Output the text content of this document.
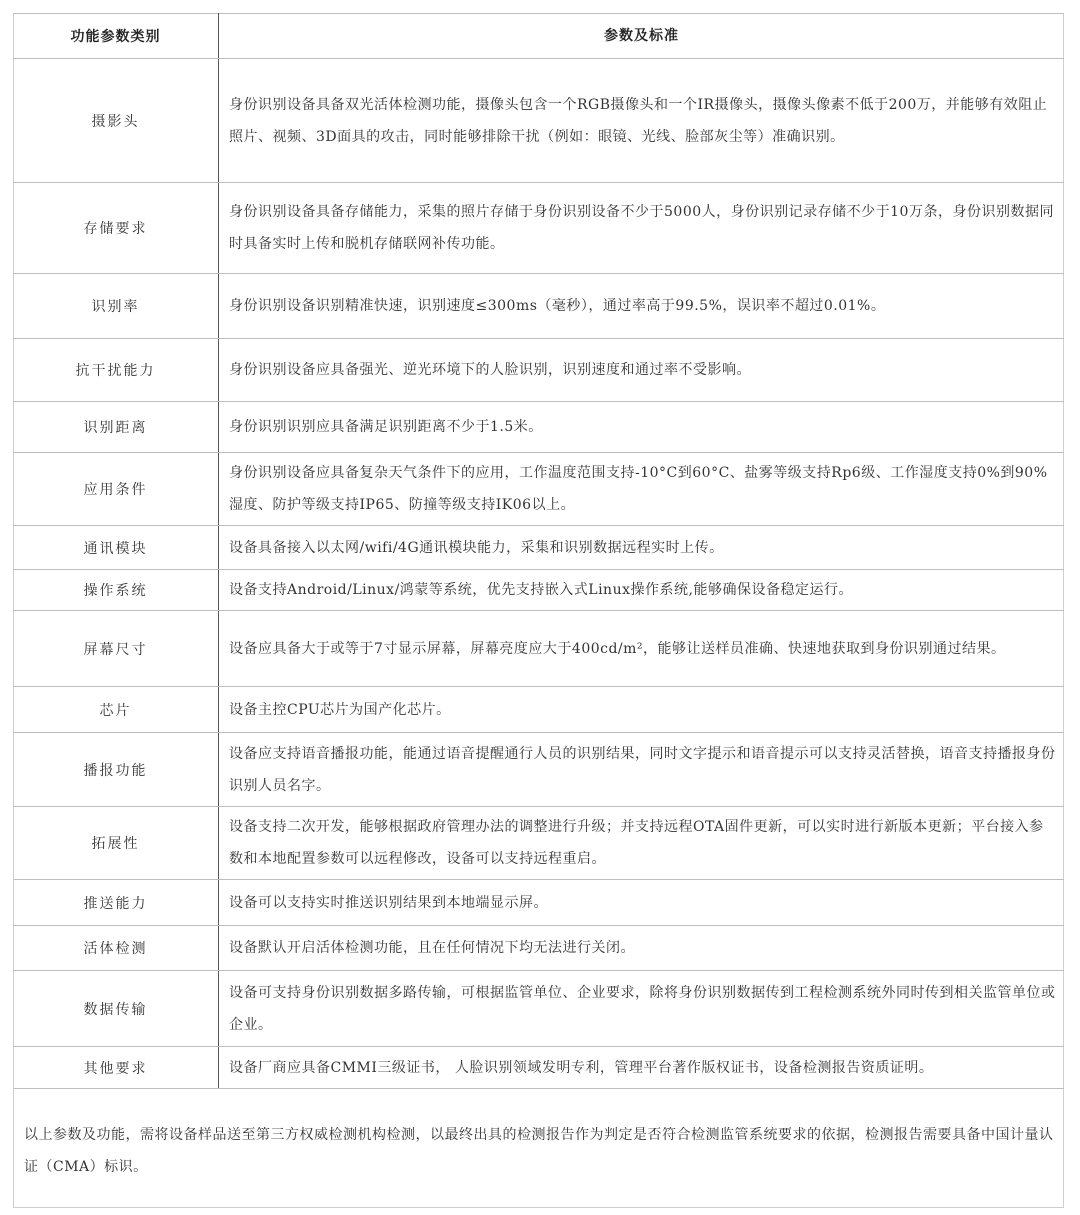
功能参数类别	参数及标准
摄影头	身份识别设备具备双光活体检测功能，摄像头包含一个RGB摄像头和一个IR摄像头，摄像头像素不低于200万，并能够有效阻止照片、视频、3D面具的攻击，同时能够排除干扰（例如：眼镜、光线、脸部灰尘等）准确识别。
存储要求	身份识别设备具备存储能力，采集的照片存储于身份识别设备不少于5000人，身份识别记录存储不少于10万条，身份识别数据同时具备实时上传和脱机存储联网补传功能。
识别率	身份识别设备识别精准快速，识别速度≤300ms（毫秒），通过率高于99.5%，误识率不超过0.01%。
抗干扰能力	身份识别设备应具备强光、逆光环境下的人脸识别，识别速度和通过率不受影响。
识别距离	身份识别识别应具备满足识别距离不少于1.5米。
应用条件	身份识别设备应具备复杂天气条件下的应用，工作温度范围支持-10°C到60°C、盐雾等级支持Rp6级、工作湿度支持0%到90%湿度、防护等级支持IP65、防撞等级支持IK06以上。
通讯模块	设备具备接入以太网/wifi/4G通讯模块能力，采集和识别数据远程实时上传。
操作系统	设备支持Android/Linux/鸿蒙等系统，优先支持嵌入式Linux操作系统,能够确保设备稳定运行。
屏幕尺寸	设备应具备大于或等于7寸显示屏幕，屏幕亮度应大于400cd/m²，能够让送样员准确、快速地获取到身份识别通过结果。
芯片	设备主控CPU芯片为国产化芯片。
播报功能	设备应支持语音播报功能，能通过语音提醒通行人员的识别结果，同时文字提示和语音提示可以支持灵活替换，语音支持播报身份识别人员名字。
拓展性	设备支持二次开发，能够根据政府管理办法的调整进行升级；并支持远程OTA固件更新，可以实时进行新版本更新；平台接入参数和本地配置参数可以远程修改，设备可以支持远程重启。
推送能力	设备可以支持实时推送识别结果到本地端显示屏。
活体检测	设备默认开启活体检测功能，且在任何情况下均无法进行关闭。
数据传输	设备可支持身份识别数据多路传输，可根据监管单位、企业要求，除将身份识别数据传到工程检测系统外同时传到相关监管单位或企业。
其他要求	设备厂商应具备CMMI三级证书， 人脸识别领域发明专利，管理平台著作版权证书，设备检测报告资质证明。
以上参数及功能，需将设备样品送至第三方权威检测机构检测，以最终出具的检测报告作为判定是否符合检测监管系统要求的依据，检测报告需要具备中国计量认证（CMA）标识。
